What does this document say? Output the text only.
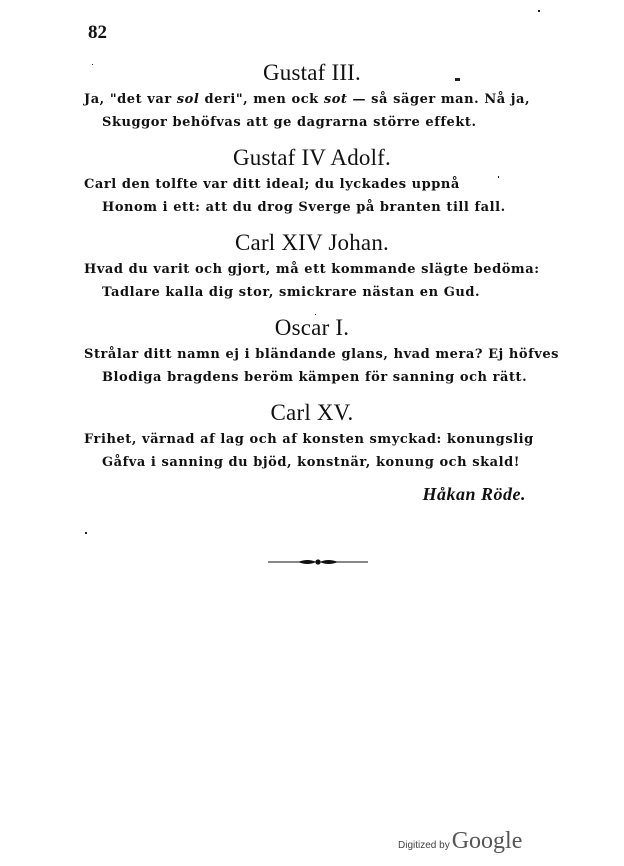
82
Gustaf III.
Ja, "det var sol deri", men ock sot — så säger man. Nå ja,
Skuggor behöfvas att ge dagrarna större effekt.
Gustaf IV Adolf.
Carl den tolfte var ditt ideal; du lyckades uppnå
Honom i ett: att du drog Sverge på branten till fall.
Carl XIV Johan.
Hvad du varit och gjort, må ett kommande slägte bedöma:
Tadlare kalla dig stor, smickrare nästan en Gud.
Oscar I.
Strålar ditt namn ej i bländande glans, hvad mera? Ej höfves
Blodiga bragdens beröm kämpen för sanning och rätt.
Carl XV.
Frihet, värnad af lag och af konsten smyckad: konungslig
Gåfva i sanning du bjöd, konstnär, konung och skald!
Håkan Röde.
Digitized byGoogle
